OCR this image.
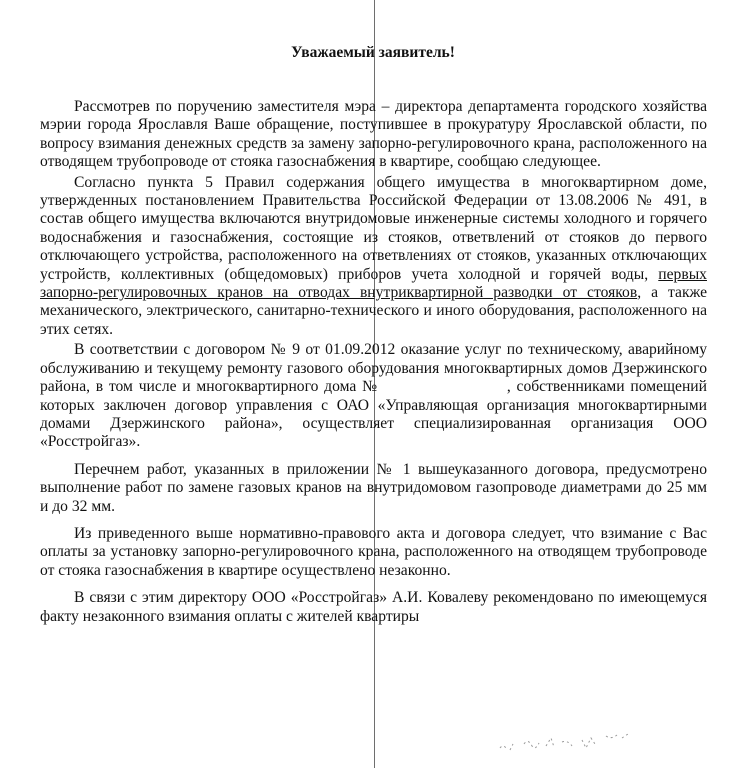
Уважаемый заявитель!

Рассмотрев по поручению заместителя мэра – директора департамента городского хозяйства мэрии города Ярославля Ваше обращение, поступившее в прокуратуру Ярославской области, по вопросу взимания денежных средств за замену запорно-регулировочного крана, расположенного на отводящем трубопроводе от стояка газоснабжения в квартире, сообщаю следующее.

Согласно пункта 5 Правил содержания общего имущества в многоквартирном доме, утвержденных постановлением Правительства Российской Федерации от 13.08.2006 № 491, в состав общего имущества включаются внутридомовые инженерные системы холодного и горячего водоснабжения и газоснабжения, состоящие из стояков, ответвлений от стояков до первого отключающего устройства, расположенного на ответвлениях от стояков, указанных отключающих устройств, коллективных (общедомовых) приборов учета холодной и горячей воды, первых запорно-регулировочных кранов на отводах внутриквартирной разводки от стояков, а также механического, электрического, санитарно-технического и иного оборудования, расположенного на этих сетях.

В соответствии с договором № 9 от 01.09.2012 оказание услуг по техническому, аварийному обслуживанию и текущему ремонту газового оборудования многоквартирных домов Дзержинского района, в том числе и многоквартирного дома №	, собственниками помещений которых заключен договор управления с ОАО «Управляющая организация многоквартирными домами Дзержинского района», осуществляет специализированная организация ООО «Росстройгаз».

Перечнем работ, указанных в приложении № 1 вышеуказанного договора, предусмотрено выполнение работ по замене газовых кранов на внутридомовом газопроводе диаметрами до 25 мм и до 32 мм.

Из приведенного выше нормативно-правового акта и договора следует, что взимание с Вас оплаты за установку запорно-регулировочного крана, расположенного на отводящем трубопроводе от стояка газоснабжения в квартире осуществлено незаконно.

В связи с этим директору ООО «Росстройгаз» А.И. Ковалеву рекомендовано по имеющемуся факту незаконного взимания оплаты с жителей квартиры
